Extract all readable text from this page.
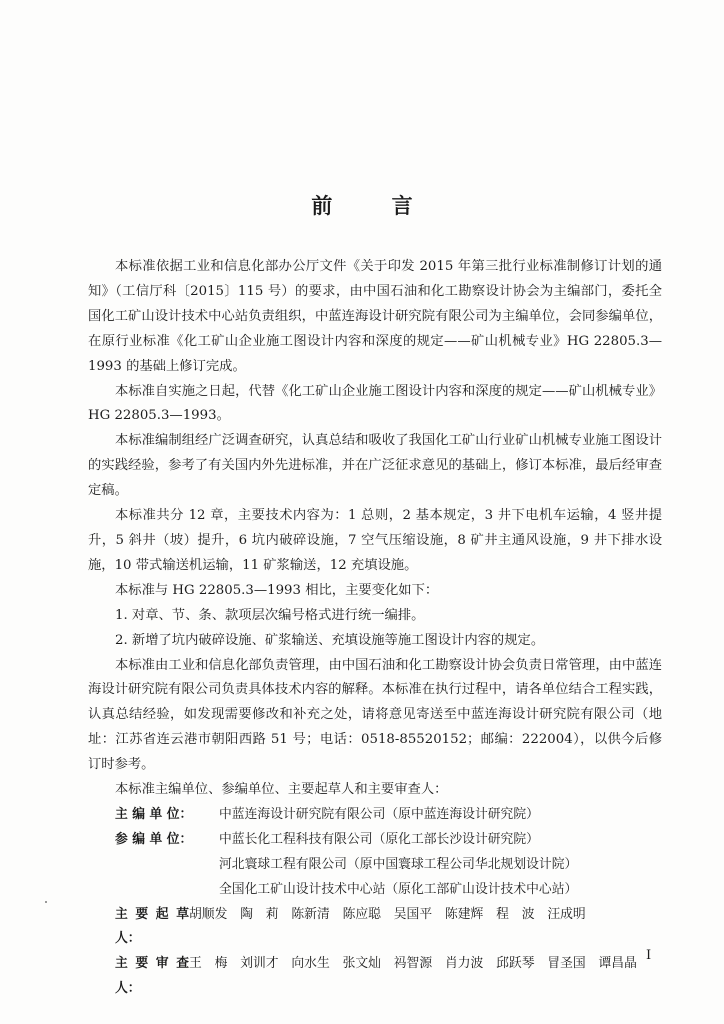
前 言

本标准依据工业和信息化部办公厅文件《关于印发 2015 年第三批行业标准制修订计划的通知》（工信厅科〔2015〕115 号）的要求，由中国石油和化工勘察设计协会为主编部门，委托全国化工矿山设计技术中心站负责组织，中蓝连海设计研究院有限公司为主编单位，会同参编单位，在原行业标准《化工矿山企业施工图设计内容和深度的规定——矿山机械专业》HG 22805.3—1993 的基础上修订完成。

本标准自实施之日起，代替《化工矿山企业施工图设计内容和深度的规定——矿山机械专业》HG 22805.3—1993。

本标准编制组经广泛调查研究，认真总结和吸收了我国化工矿山行业矿山机械专业施工图设计的实践经验，参考了有关国内外先进标准，并在广泛征求意见的基础上，修订本标准，最后经审查定稿。

本标准共分 12 章，主要技术内容为：1 总则，2 基本规定，3 井下电机车运输，4 竖井提升，5 斜井（坡）提升，6 坑内破碎设施，7 空气压缩设施，8 矿井主通风设施，9 井下排水设施，10 带式输送机运输，11 矿浆输送，12 充填设施。

本标准与 HG 22805.3—1993 相比，主要变化如下：

1. 对章、节、条、款项层次编号格式进行统一编排。

2. 新增了坑内破碎设施、矿浆输送、充填设施等施工图设计内容的规定。

本标准由工业和信息化部负责管理，由中国石油和化工勘察设计协会负责日常管理，由中蓝连海设计研究院有限公司负责具体技术内容的解释。本标准在执行过程中，请各单位结合工程实践，认真总结经验，如发现需要修改和补充之处，请将意见寄送至中蓝连海设计研究院有限公司（地址：江苏省连云港市朝阳西路 51 号；电话：0518-85520152；邮编：222004），以供今后修订时参考。

本标准主编单位、参编单位、主要起草人和主要审查人：

主 编 单 位：	中蓝连海设计研究院有限公司（原中蓝连海设计研究院）
参 编 单 位：	中蓝长化工程科技有限公司（原化工部长沙设计研究院）
河北寰球工程有限公司（原中国寰球工程公司华北规划设计院）
全国化工矿山设计技术中心站（原化工部矿山设计技术中心站）
主要起草人：
胡顺发　陶　莉　陈新清　陈应聪　吴国平　陈建辉　程　波　汪成明
主要审查人：
王　梅　刘训才　向水生　张文灿　祃智源　肖力波　邱跃琴　冒圣国　谭昌晶
I
